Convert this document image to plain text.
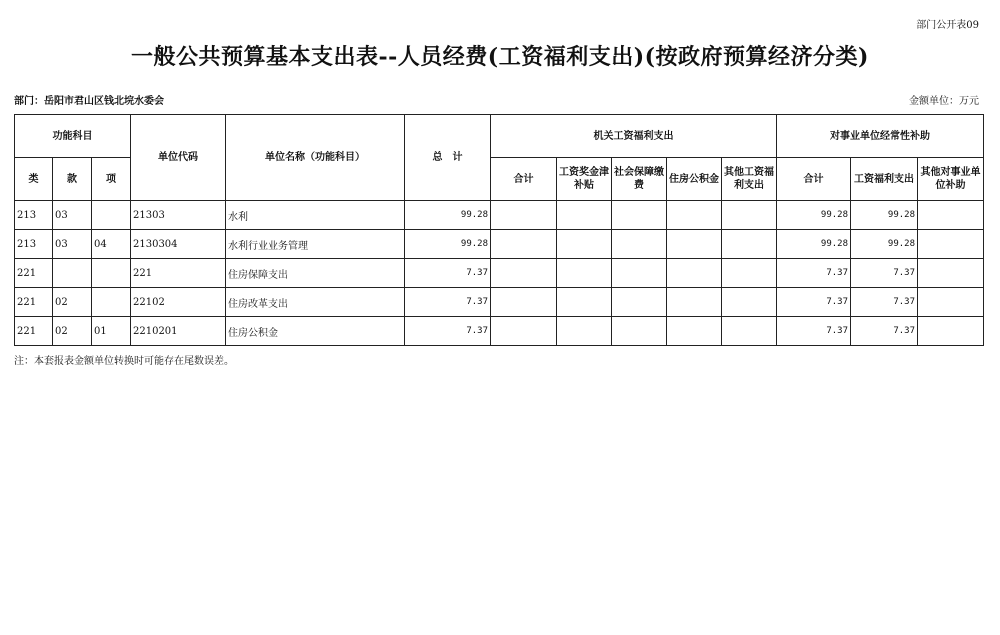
部门公开表09
一般公共预算基本支出表--人员经费(工资福利支出)(按政府预算经济分类)
部门：岳阳市君山区钱北垸水委会	金额单位：万元
功能科目			单位代码	单位名称（功能科目）	总　计	机关工资福利支出					对事业单位经常性补助		
类	款	项				合计	工资奖金津补贴	社会保障缴费	住房公积金	其他工资福利支出	合计	工资福利支出	其他对事业单位补助
213	03		21303	水利	99.28						99.28	99.28	
213	03	04	2130304	水利行业业务管理	99.28						99.28	99.28	
221			221	住房保障支出	7.37						7.37	7.37	
221	02		22102	住房改革支出	7.37						7.37	7.37	
221	02	01	2210201	住房公积金	7.37						7.37	7.37	
注：本套报表金额单位转换时可能存在尾数误差。
